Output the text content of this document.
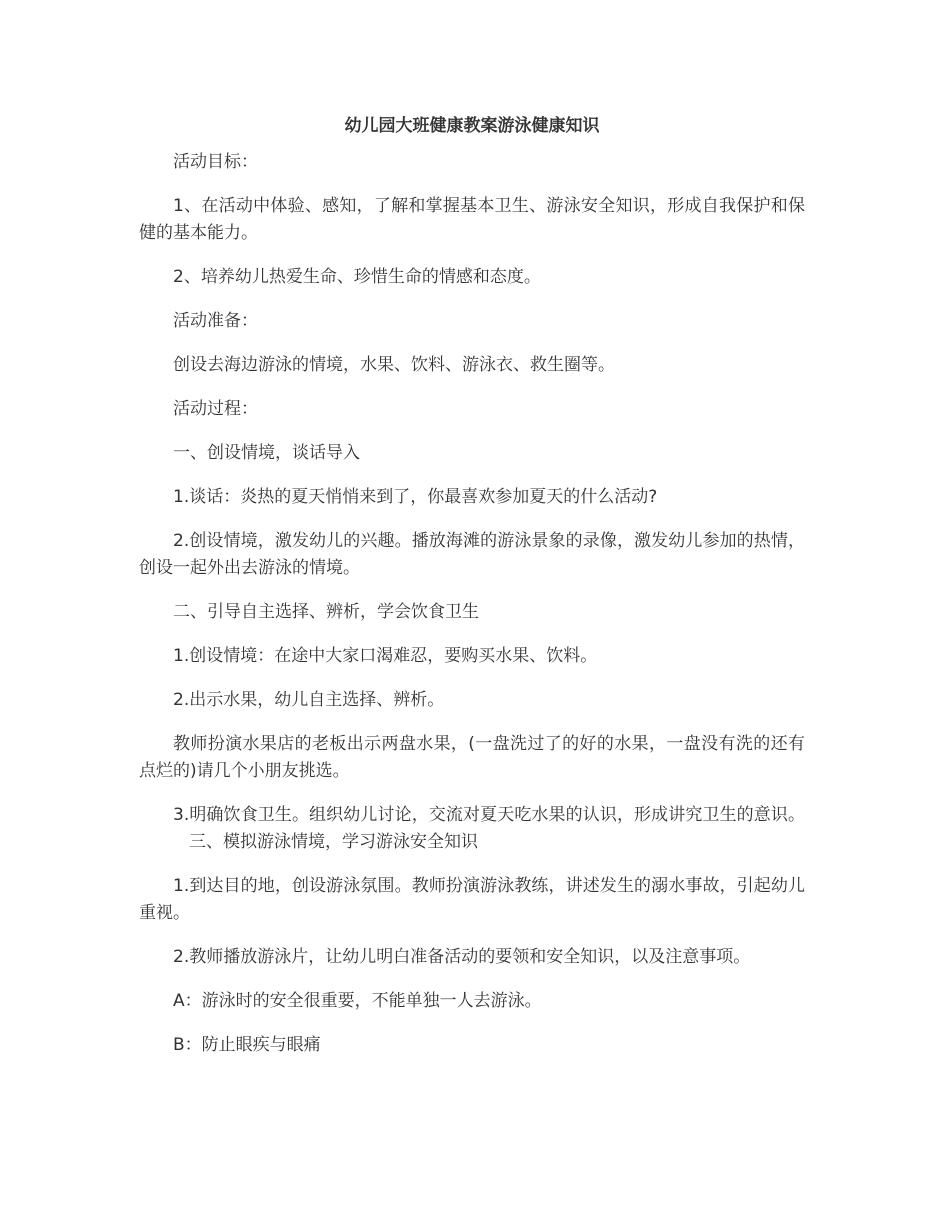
幼儿园大班健康教案游泳健康知识

活动目标：

1、在活动中体验、感知，了解和掌握基本卫生、游泳安全知识，形成自我保护和保健的基本能力。

2、培养幼儿热爱生命、珍惜生命的情感和态度。

活动准备：

创设去海边游泳的情境，水果、饮料、游泳衣、救生圈等。

活动过程：

一、创设情境，谈话导入

1.谈话：炎热的夏天悄悄来到了，你最喜欢参加夏天的什么活动?

2.创设情境，激发幼儿的兴趣。播放海滩的游泳景象的录像，激发幼儿参加的热情，创设一起外出去游泳的情境。

二、引导自主选择、辨析，学会饮食卫生

1.创设情境：在途中大家口渴难忍，要购买水果、饮料。

2.出示水果，幼儿自主选择、辨析。

教师扮演水果店的老板出示两盘水果，(一盘洗过了的好的水果，一盘没有洗的还有点烂的)请几个小朋友挑选。

3.明确饮食卫生。组织幼儿讨论，交流对夏天吃水果的认识，形成讲究卫生的意识。三、模拟游泳情境，学习游泳安全知识

1.到达目的地，创设游泳氛围。教师扮演游泳教练，讲述发生的溺水事故，引起幼儿重视。

2.教师播放游泳片，让幼儿明白准备活动的要领和安全知识，以及注意事项。

A：游泳时的安全很重要，不能单独一人去游泳。

B：防止眼疾与眼痛
